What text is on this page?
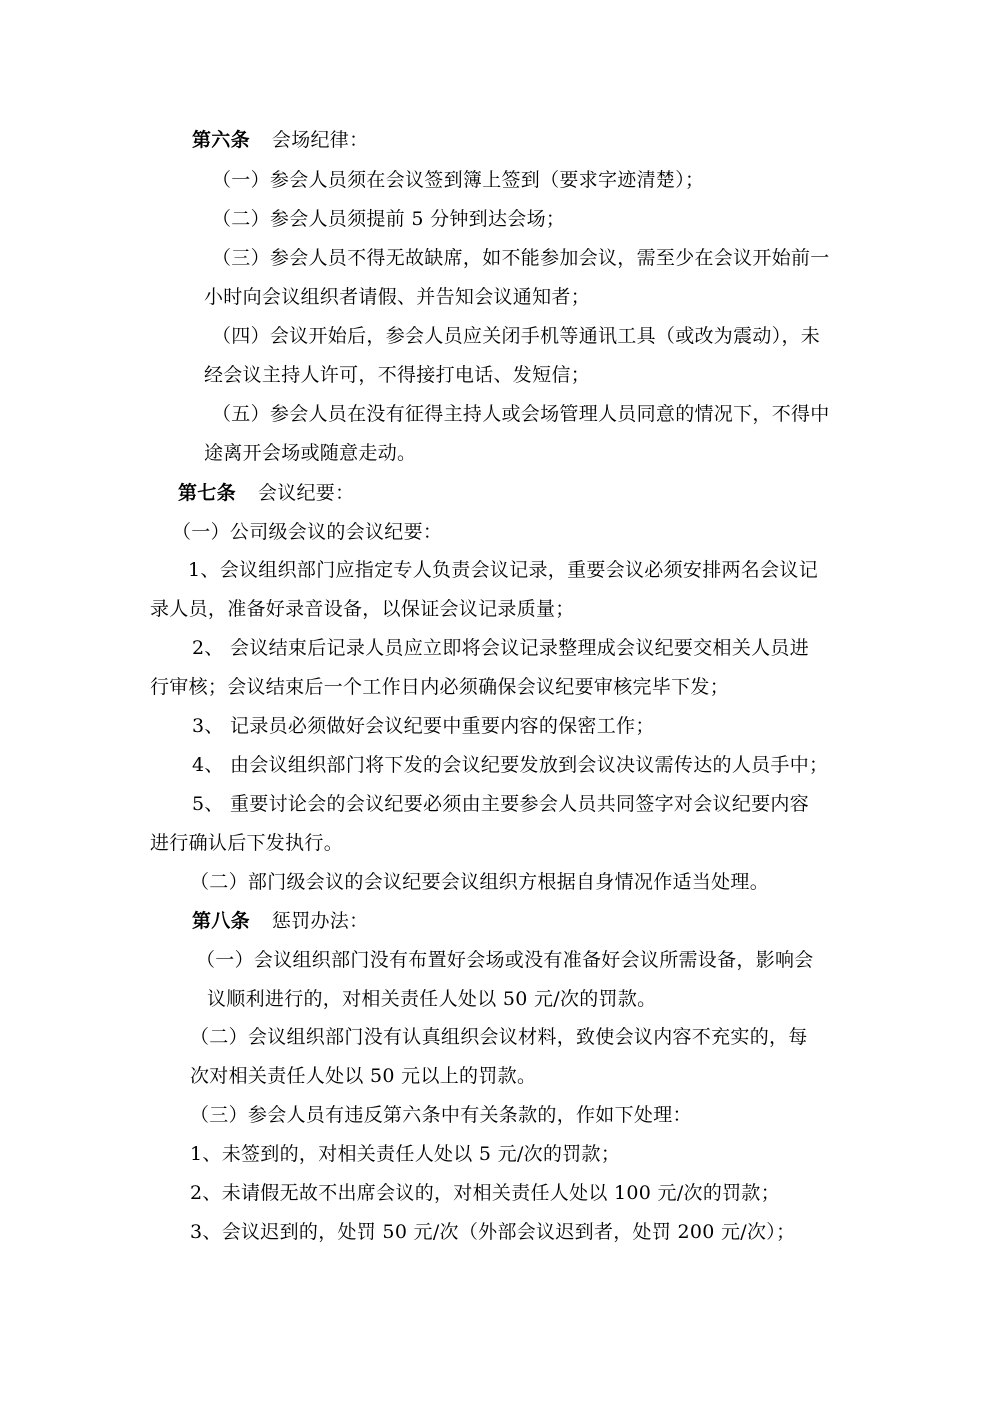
第六条 会场纪律：
（一）参会人员须在会议签到簿上签到（要求字迹清楚）；
（二）参会人员须提前 5 分钟到达会场；
（三）参会人员不得无故缺席，如不能参加会议，需至少在会议开始前一
小时向会议组织者请假、并告知会议通知者；
（四）会议开始后，参会人员应关闭手机等通讯工具（或改为震动），未
经会议主持人许可，不得接打电话、发短信；
（五）参会人员在没有征得主持人或会场管理人员同意的情况下，不得中
途离开会场或随意走动。
第七条 会议纪要：
（一）公司级会议的会议纪要：
1、会议组织部门应指定专人负责会议记录，重要会议必须安排两名会议记
录人员，准备好录音设备，以保证会议记录质量；
2、 会议结束后记录人员应立即将会议记录整理成会议纪要交相关人员进
行审核；会议结束后一个工作日内必须确保会议纪要审核完毕下发；
3、 记录员必须做好会议纪要中重要内容的保密工作；
4、 由会议组织部门将下发的会议纪要发放到会议决议需传达的人员手中；
5、 重要讨论会的会议纪要必须由主要参会人员共同签字对会议纪要内容
进行确认后下发执行。
（二）部门级会议的会议纪要会议组织方根据自身情况作适当处理。
第八条 惩罚办法：
（一）会议组织部门没有布置好会场或没有准备好会议所需设备，影响会
议顺利进行的，对相关责任人处以 50 元/次的罚款。
（二）会议组织部门没有认真组织会议材料，致使会议内容不充实的，每
次对相关责任人处以 50 元以上的罚款。
（三）参会人员有违反第六条中有关条款的，作如下处理：
1、未签到的，对相关责任人处以 5 元/次的罚款；
2、未请假无故不出席会议的，对相关责任人处以 100 元/次的罚款；
3、会议迟到的，处罚 50 元/次（外部会议迟到者，处罚 200 元/次）；
